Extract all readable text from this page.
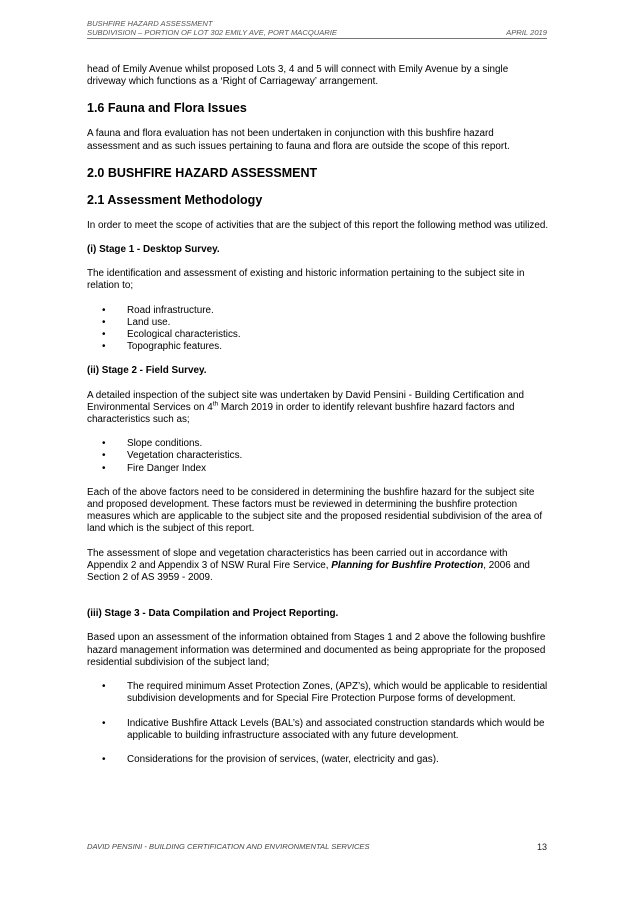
BUSHFIRE HAZARD ASSESSMENT
SUBDIVISION – PORTION OF LOT 302 EMILY AVE, PORT MACQUARIE	APRIL 2019

head of Emily Avenue whilst proposed Lots 3, 4 and 5 will connect with Emily Avenue by a single driveway which functions as a ‘Right of Carriageway’ arrangement.

1.6 Fauna and Flora Issues

A fauna and flora evaluation has not been undertaken in conjunction with this bushfire hazard assessment and as such issues pertaining to fauna and flora are outside the scope of this report.

2.0 BUSHFIRE HAZARD ASSESSMENT
2.1 Assessment Methodology

In order to meet the scope of activities that are the subject of this report the following method was utilized.

(i) Stage 1 - Desktop Survey.

The identification and assessment of existing and historic information pertaining to the subject site in relation to;

• Road infrastructure.
• Land use.
• Ecological characteristics.
• Topographic features.

(ii) Stage 2 - Field Survey.

A detailed inspection of the subject site was undertaken by David Pensini - Building Certification and Environmental Services on 4th March 2019 in order to identify relevant bushfire hazard factors and characteristics such as;

• Slope conditions.
• Vegetation characteristics.
• Fire Danger Index

Each of the above factors need to be considered in determining the bushfire hazard for the subject site and proposed development. These factors must be reviewed in determining the bushfire protection measures which are applicable to the subject site and the proposed residential subdivision of the area of land which is the subject of this report.

The assessment of slope and vegetation characteristics has been carried out in accordance with Appendix 2 and Appendix 3 of NSW Rural Fire Service, Planning for Bushfire Protection, 2006 and Section 2 of AS 3959 - 2009.

(iii) Stage 3 - Data Compilation and Project Reporting.

Based upon an assessment of the information obtained from Stages 1 and 2 above the following bushfire hazard management information was determined and documented as being appropriate for the proposed residential subdivision of the subject land;

• The required minimum Asset Protection Zones, (APZ’s), which would be applicable to residential subdivision developments and for Special Fire Protection Purpose forms of development.
• Indicative Bushfire Attack Levels (BAL’s) and associated construction standards which would be applicable to building infrastructure associated with any future development.
• Considerations for the provision of services, (water, electricity and gas).
DAVID PENSINI - BUILDING CERTIFICATION AND ENVIRONMENTAL SERVICES	13
